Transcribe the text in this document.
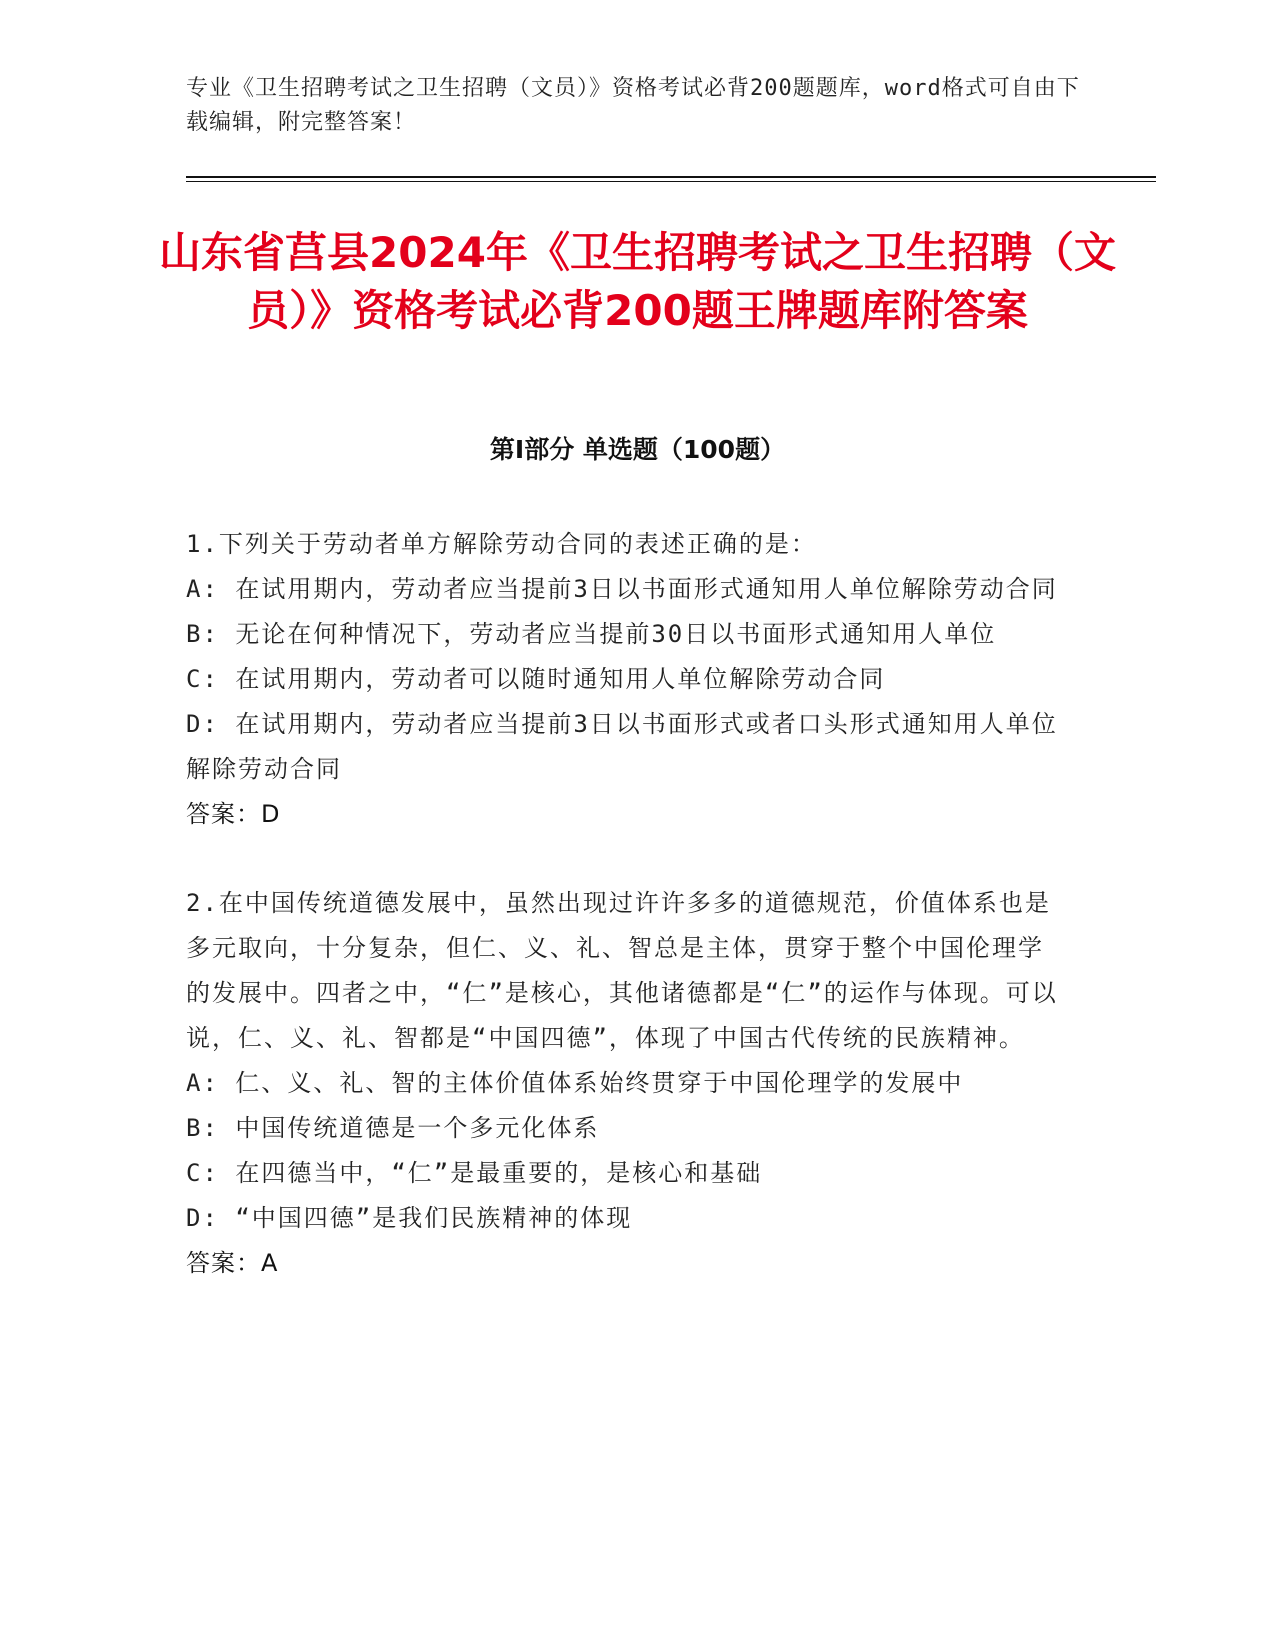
专业《卫生招聘考试之卫生招聘（文员）》资格考试必背200题题库，word格式可自由下载编辑，附完整答案！
山东省莒县2024年《卫生招聘考试之卫生招聘（文员）》资格考试必背200题王牌题库附答案
第Ⅰ部分 单选题（100题）

1.下列关于劳动者单方解除劳动合同的表述正确的是：

A: 在试用期内，劳动者应当提前3日以书面形式通知用人单位解除劳动合同

B: 无论在何种情况下，劳动者应当提前30日以书面形式通知用人单位

C: 在试用期内，劳动者可以随时通知用人单位解除劳动合同

D: 在试用期内，劳动者应当提前3日以书面形式或者口头形式通知用人单位解除劳动合同

答案：D

2.在中国传统道德发展中，虽然出现过许许多多的道德规范，价值体系也是多元取向，十分复杂，但仁、义、礼、智总是主体，贯穿于整个中国伦理学的发展中。四者之中，“仁”是核心，其他诸德都是“仁”的运作与体现。可以说，仁、义、礼、智都是“中国四德”，体现了中国古代传统的民族精神。

A: 仁、义、礼、智的主体价值体系始终贯穿于中国伦理学的发展中

B: 中国传统道德是一个多元化体系

C: 在四德当中，“仁”是最重要的，是核心和基础

D: “中国四德”是我们民族精神的体现

答案：A
